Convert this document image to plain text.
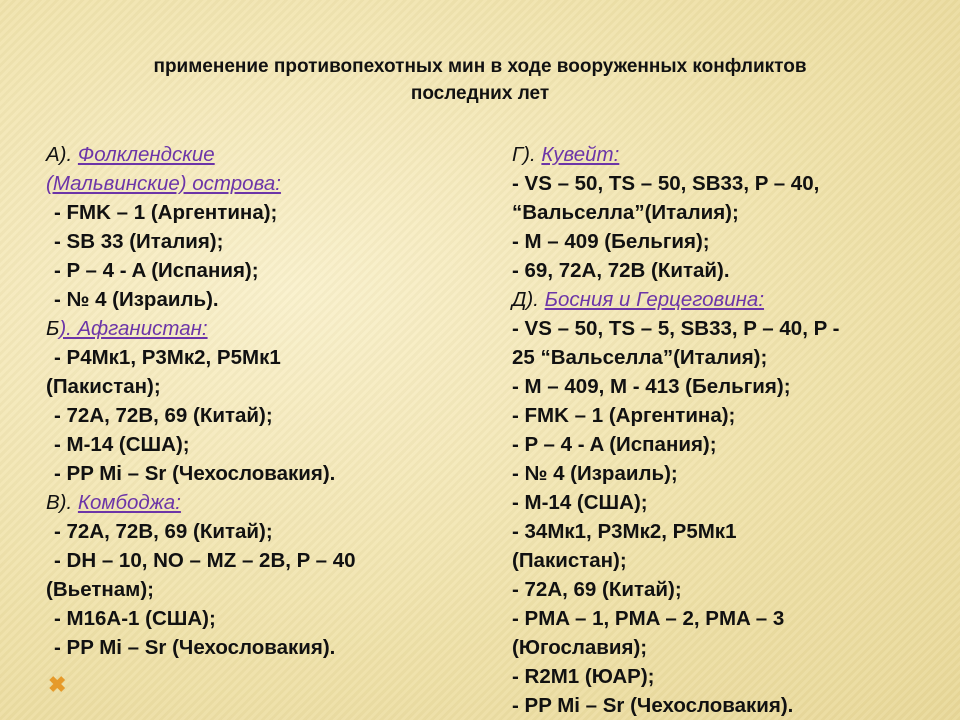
применение противопехотных мин в ходе вооруженных конфликтов
последних лет
А). Фолклендские
(Мальвинские) острова:
- FMK – 1 (Аргентина);
- SB 33 (Италия);
- P – 4 - A (Испания);
- № 4 (Израиль).
Б). Афганистан:
- P4Мк1, P3Мк2, P5Мк1
(Пакистан);
- 72A, 72B, 69 (Китай);
- M-14 (США);
- PP Mi – Sr (Чехословакия).
В). Комбоджа:
- 72A, 72B, 69 (Китай);
- DH – 10, NO – MZ – 2B, P – 40
(Вьетнам);
- M16A-1 (США);
- PP Mi – Sr (Чехословакия).
Г). Кувейт:
- VS – 50, TS – 50, SB33, P – 40,
“Вальселла”(Италия);
- M – 409 (Бельгия);
- 69, 72A, 72B (Китай).
Д). Босния и Герцеговина:
- VS – 50, TS – 5, SB33, P – 40, P -
25 “Вальселла”(Италия);
- M – 409, M - 413 (Бельгия);
- FMK – 1 (Аргентина);
- P – 4 - A (Испания);
- № 4 (Израиль);
- M-14 (США);
- 34Мк1, P3Мк2, P5Мк1
(Пакистан);
- 72A, 69 (Китай);
- PMA – 1, PMA – 2, PMA – 3
(Югославия);
- R2M1 (ЮАР);
- PP Mi – Sr (Чехословакия).
✖
